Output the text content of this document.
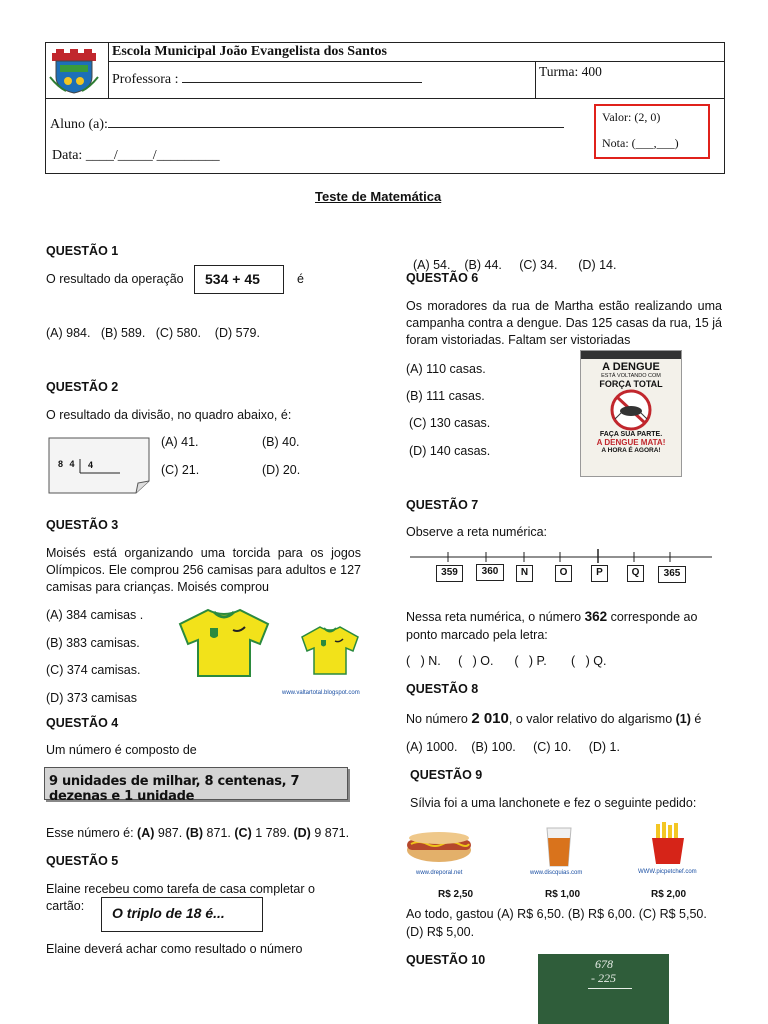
Escola Municipal João Evangelista dos Santos
Professora :
Turma: 400
Aluno (a):
Data: ____/_____/_________
Valor: (2, 0)
Nota: (___,___)
Teste de Matemática
QUESTÃO 1
O resultado da operação	534 + 45	é
(A) 984.   (B) 589.   (C) 580.    (D) 579.
QUESTÃO 2
O resultado da divisão, no quadro abaixo, é:
8 4 4
(A) 41.	(B) 40.
(C) 21.	(D) 20.
QUESTÃO 3
Moisés está organizando uma torcida para os jogos Olímpicos. Ele comprou 256 camisas para adultos e 127 camisas para crianças. Moisés comprou
(A) 384 camisas .
(B) 383 camisas.
(C) 374 camisas.
(D) 373 camisas	www.valtartotal.blogspot.com
QUESTÃO 4
Um número é composto de
9 unidades de milhar, 8 centenas, 7 dezenas e 1 unidade
Esse número é: (A) 987. (B) 871. (C) 1 789. (D) 9 871.
QUESTÃO 5
Elaine recebeu como tarefa de casa completar o
cartão:	O triplo de 18 é...
Elaine deverá achar como resultado o número

(A) 54.    (B) 44.     (C) 34.      (D) 14.

QUESTÃO 6
Os moradores da rua de Martha estão realizando uma campanha contra a dengue. Das 125 casas da rua, 15 já foram vistoriadas. Faltam ser vistoriadas
(A) 110 casas.
(B) 111 casas.
(C) 130 casas.
(D) 140 casas.
A DENGUE
ESTÁ VOLTANDO COM
FORÇA TOTAL
FAÇA SUA PARTE.
A DENGUE MATA!
A HORA É AGORA!
QUESTÃO 7
Observe a reta numérica:
359	360	N	O	P	Q	365
Nessa reta numérica, o número 362 corresponde ao ponto marcado pela letra:
(   ) N.     (   ) O.      (   ) P.       (   ) Q.
QUESTÃO 8
No número 2 010, o valor relativo do algarismo (1) é
(A) 1000.    (B) 100.     (C) 10.     (D) 1.
QUESTÃO 9
Sílvia foi a uma lanchonete e fez o seguinte pedido:
www.dreporal.net	www.discquias.com	WWW.picpetchef.com
R$ 2,50	R$ 1,00	R$ 2,00
Ao todo, gastou (A) R$ 6,50. (B) R$ 6,00. (C) R$ 5,50.
(D) R$ 5,00.
QUESTÃO 10	678
- 225
